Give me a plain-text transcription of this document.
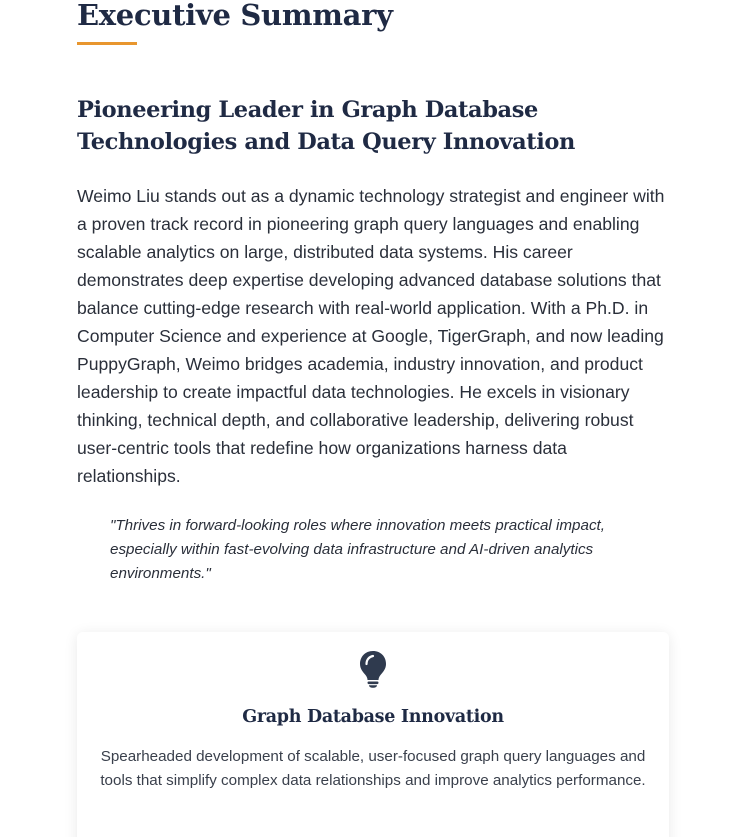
Executive Summary
Pioneering Leader in Graph Database Technologies and Data Query Innovation

Weimo Liu stands out as a dynamic technology strategist and engineer with a proven track record in pioneering graph query languages and enabling scalable analytics on large, distributed data systems. His career demonstrates deep expertise developing advanced database solutions that balance cutting-edge research with real-world application. With a Ph.D. in Computer Science and experience at Google, TigerGraph, and now leading PuppyGraph, Weimo bridges academia, industry innovation, and product leadership to create impactful data technologies. He excels in visionary thinking, technical depth, and collaborative leadership, delivering robust user-centric tools that redefine how organizations harness data relationships.

"Thrives in forward-looking roles where innovation meets practical impact, especially within fast-evolving data infrastructure and AI-driven analytics environments."

Graph Database Innovation

Spearheaded development of scalable, user-focused graph query languages and tools that simplify complex data relationships and improve analytics performance.
